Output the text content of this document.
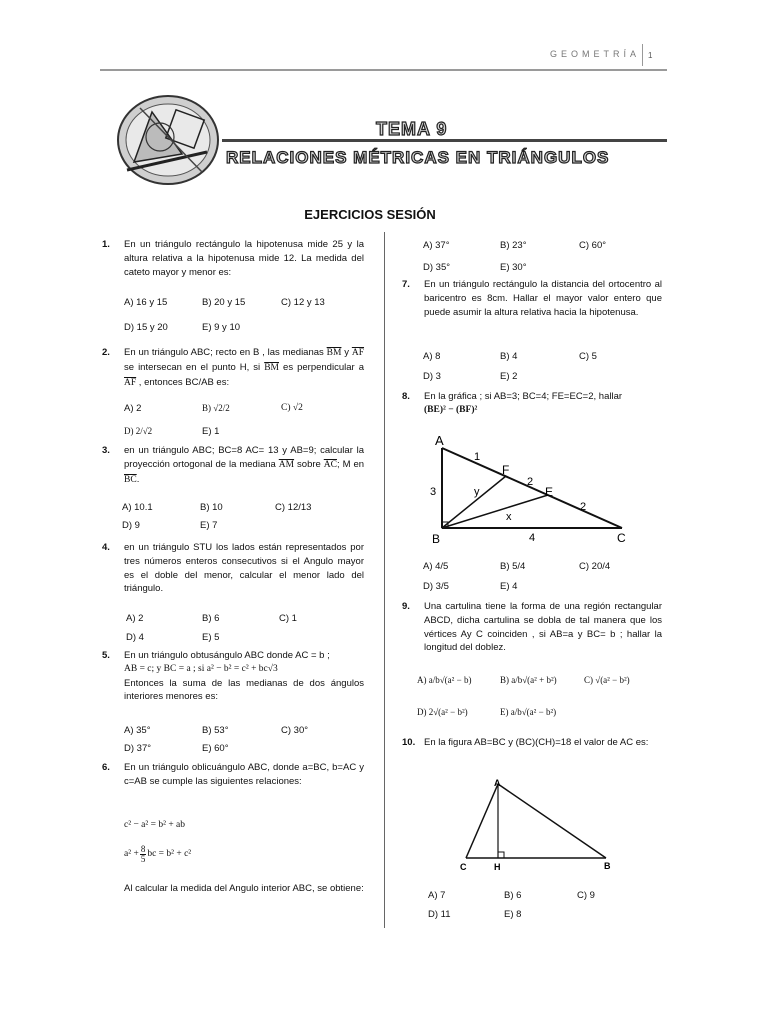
GEOMETRÍA 1
TEMA 9
RELACIONES MÉTRICAS EN TRIÁNGULOS
EJERCICIOS SESIÓN
1. En un triángulo rectángulo la hipotenusa mide 25 y la altura relativa a la hipotenusa mide 12. La medida del cateto mayor y menor es:
A) 16 y 15	B) 20 y 15	C) 12 y 13
D) 15 y 20	E) 9 y 10
2. En un triángulo ABC; recto en B , las medianas $\overline{BM}$ y $\overline{AF}$ se intersecan en el punto H, si $\overline{BM}$ es perpendicular a $\overline{AF}$ , entonces BC/AB es:
A) 2	B) √2/2	C) √2
D) 2/√2	E) 1
3. en un triángulo ABC; BC=8 AC= 13 y AB=9; calcular la proyección ortogonal de la mediana $\overline{AM}$ sobre $\overline{AC}$; M en $\overline{BC}$.
A) 10.1	B) 10	C) 12/13
D) 9	E) 7
4. en un triángulo STU los lados están representados por tres números enteros consecutivos si el Angulo mayor es el doble del menor, calcular el menor lado del triángulo.
A) 2	B) 6	C) 1
D) 4	E) 5
5. En un triángulo obtusángulo ABC donde AC = b ;
AB = c; y BC = a ; si a² − b² = c² + bc√3
Entonces la suma de las medianas de dos ángulos interiores menores es:
A) 35°	B) 53°	C) 30°
D) 37°	E) 60°
6. En un triángulo oblicuángulo ABC, donde a=BC, b=AC y c=AB se cumple las siguientes relaciones:
c² − a² = b² + ab
$a^2 + \frac{8}{5}$ bc = b² + c²
Al calcular la medida del Angulo interior ABC, se obtiene:
A) 37°	B) 23°	C) 60°
D) 35°	E) 30°
7. En un triángulo rectángulo la distancia del ortocentro al baricentro es 8cm. Hallar el mayor valor entero que puede asumir la altura relativa hacia la hipotenusa.
A) 8	B) 4	C) 5
D) 3	E) 2
8. En la gráfica ; si AB=3; BC=4; FE=EC=2, hallar
(BE)² − (BF)²
A
B	C
F
E
1
2
2
3
4
x
y
A) 4/5	B) 5/4	C) 20/4
D) 3/5	E) 4
9. Una cartulina tiene la forma de una región rectangular ABCD, dicha cartulina se dobla de tal manera que los vértices Ay C coinciden , si AB=a y BC= b ; hallar la longitud del doblez.
A) a/b√(a² − b)	B) a/b√(a² + b²)	C) √(a² − b²)
D) 2√(a² − b²)	E) a/b√(a² − b²)
10. En la figura AB=BC y (BC)(CH)=18 el valor de AC es:
A
C	H	B
A) 7	B) 6	C) 9
D) 11	E) 8
